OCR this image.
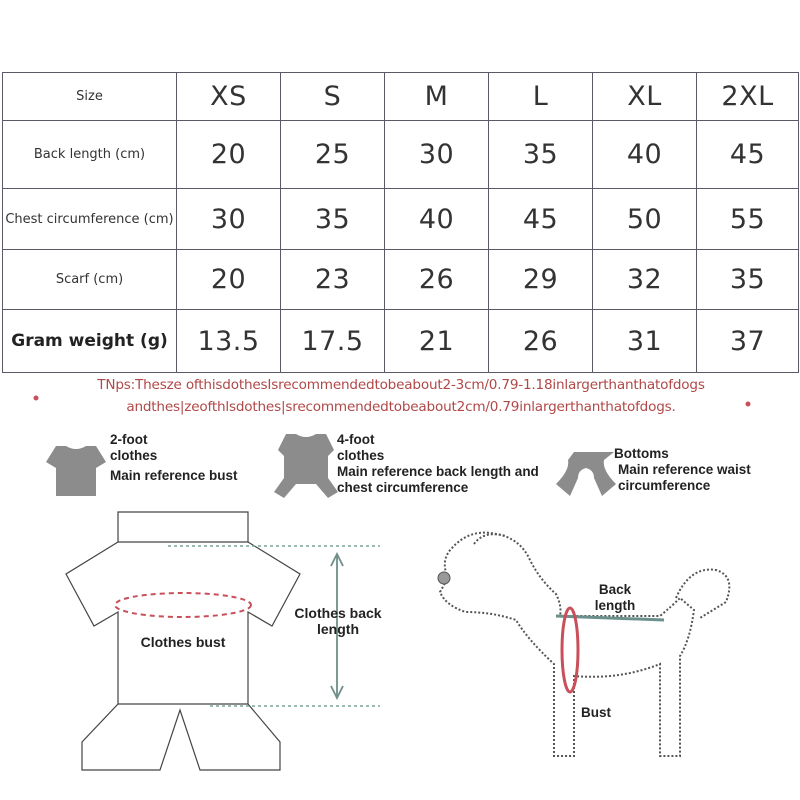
Size	XS	S	M	L	XL	2XL
Back length (cm)	20	25	30	35	40	45
Chest circumference (cm)	30	35	40	45	50	55
Scarf (cm)	20	23	26	29	32	35
Gram weight (g)	13.5	17.5	21	26	31	37
TNps:Thesze ofthisdothesIsrecommendedtobeabout2-3cm/0.79-1.18inlargerthanthatofdogs
andthes|zeofthlsdothes|srecommendedtobeabout2cm/0.79inlargerthanthatofdogs.
2-foot
clothes
Main reference bust
4-foot
clothes
Main reference back length and
chest circumference
Bottoms
Main reference waist
circumference
Clothes bust
Clothes back
length
Back
length
Bust
